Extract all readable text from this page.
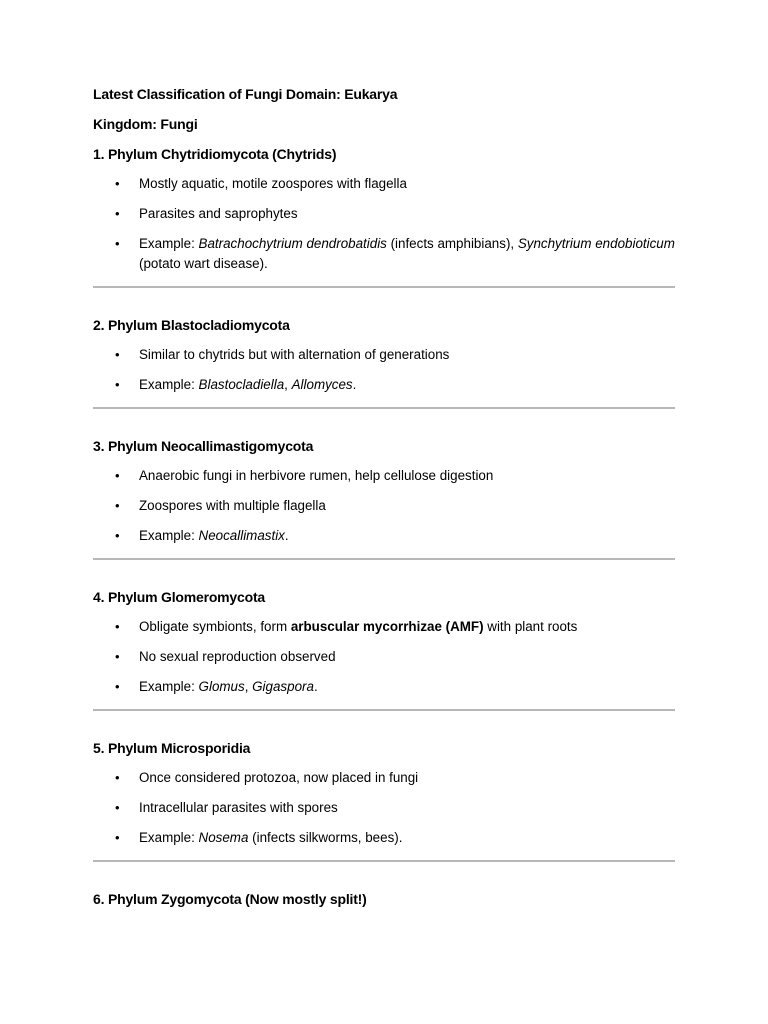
Latest Classification of Fungi Domain: Eukarya

Kingdom: Fungi

1. Phylum Chytridiomycota (Chytrids)

• Mostly aquatic, motile zoospores with flagella
• Parasites and saprophytes
• Example: Batrachochytrium dendrobatidis (infects amphibians), Synchytrium endobioticum (potato wart disease).

2. Phylum Blastocladiomycota

• Similar to chytrids but with alternation of generations
• Example: Blastocladiella, Allomyces.

3. Phylum Neocallimastigomycota

• Anaerobic fungi in herbivore rumen, help cellulose digestion
• Zoospores with multiple flagella
• Example: Neocallimastix.

4. Phylum Glomeromycota

• Obligate symbionts, form arbuscular mycorrhizae (AMF) with plant roots
• No sexual reproduction observed
• Example: Glomus, Gigaspora.

5. Phylum Microsporidia

• Once considered protozoa, now placed in fungi
• Intracellular parasites with spores
• Example: Nosema (infects silkworms, bees).

6. Phylum Zygomycota (Now mostly split!)
